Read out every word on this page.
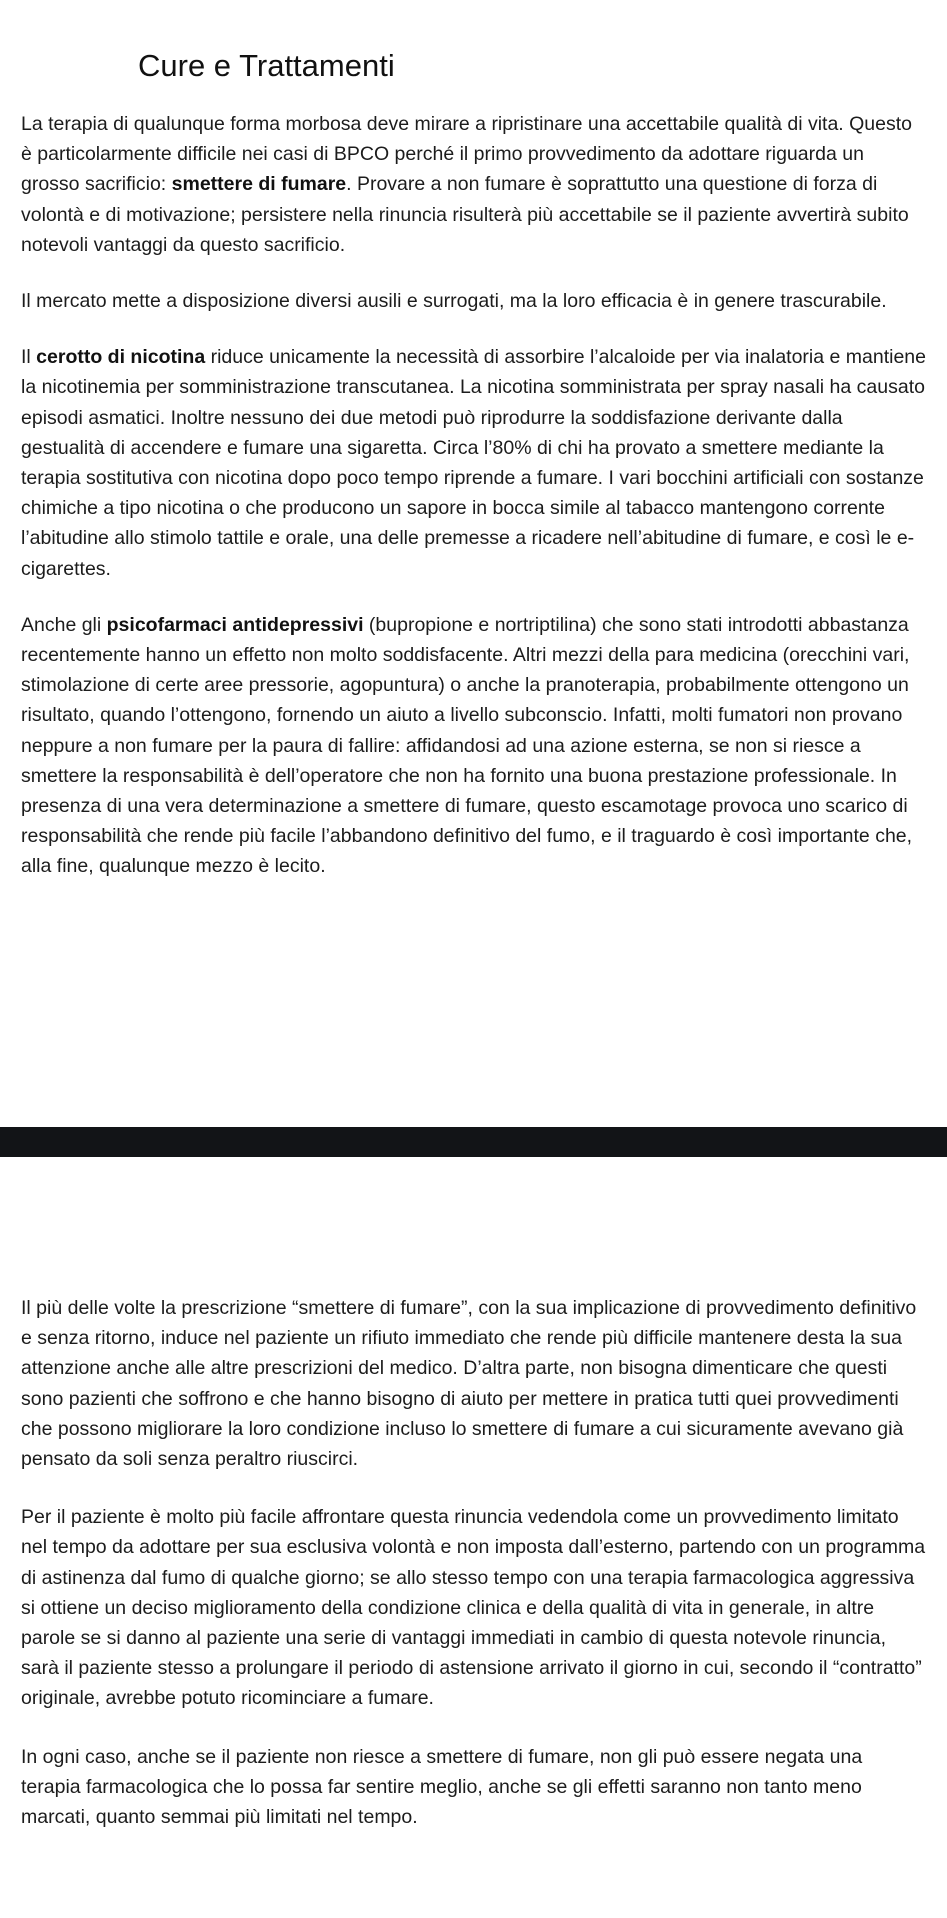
Cure e Trattamenti

La terapia di qualunque forma morbosa deve mirare a ripristinare una accettabile qualità di vita. Questo è particolarmente difficile nei casi di BPCO perché il primo provvedimento da adottare riguarda un grosso sacrificio: smettere di fumare. Provare a non fumare è soprattutto una questione di forza di volontà e di motivazione; persistere nella rinuncia risulterà più accettabile se il paziente avvertirà subito notevoli vantaggi da questo sacrificio.

Il mercato mette a disposizione diversi ausili e surrogati, ma la loro efficacia è in genere trascurabile.

Il cerotto di nicotina riduce unicamente la necessità di assorbire l’alcaloide per via inalatoria e mantiene la nicotinemia per somministrazione transcutanea. La nicotina somministrata per spray nasali ha causato episodi asmatici. Inoltre nessuno dei due metodi può riprodurre la soddisfazione derivante dalla gestualità di accendere e fumare una sigaretta. Circa l’80% di chi ha provato a smettere mediante la terapia sostitutiva con nicotina dopo poco tempo riprende a fumare. I vari bocchini artificiali con sostanze chimiche a tipo nicotina o che producono un sapore in bocca simile al tabacco mantengono corrente l’abitudine allo stimolo tattile e orale, una delle premesse a ricadere nell’abitudine di fumare, e così le e-cigarettes.

Anche gli psicofarmaci antidepressivi (bupropione e nortriptilina) che sono stati introdotti abbastanza recentemente hanno un effetto non molto soddisfacente. Altri mezzi della para medicina (orecchini vari, stimolazione di certe aree pressorie, agopuntura) o anche la pranoterapia, probabilmente ottengono un risultato, quando l’ottengono, fornendo un aiuto a livello subconscio. Infatti, molti fumatori non provano neppure a non fumare per la paura di fallire: affidandosi ad una azione esterna, se non si riesce a smettere la responsabilità è dell’operatore che non ha fornito una buona prestazione professionale. In presenza di una vera determinazione a smettere di fumare, questo escamotage provoca uno scarico di responsabilità che rende più facile l’abbandono definitivo del fumo, e il traguardo è così importante che, alla fine, qualunque mezzo è lecito.

Il più delle volte la prescrizione “smettere di fumare”, con la sua implicazione di provvedimento definitivo e senza ritorno, induce nel paziente un rifiuto immediato che rende più difficile mantenere desta la sua attenzione anche alle altre prescrizioni del medico. D’altra parte, non bisogna dimenticare che questi sono pazienti che soffrono e che hanno bisogno di aiuto per mettere in pratica tutti quei provvedimenti che possono migliorare la loro condizione incluso lo smettere di fumare a cui sicuramente avevano già pensato da soli senza peraltro riuscirci.

Per il paziente è molto più facile affrontare questa rinuncia vedendola come un provvedimento limitato nel tempo da adottare per sua esclusiva volontà e non imposta dall’esterno, partendo con un programma di astinenza dal fumo di qualche giorno; se allo stesso tempo con una terapia farmacologica aggressiva si ottiene un deciso miglioramento della condizione clinica e della qualità di vita in generale, in altre parole se si danno al paziente una serie di vantaggi immediati in cambio di questa notevole rinuncia, sarà il paziente stesso a prolungare il periodo di astensione arrivato il giorno in cui, secondo il “contratto” originale, avrebbe potuto ricominciare a fumare.

In ogni caso, anche se il paziente non riesce a smettere di fumare, non gli può essere negata una terapia farmacologica che lo possa far sentire meglio, anche se gli effetti saranno non tanto meno marcati, quanto semmai più limitati nel tempo.
